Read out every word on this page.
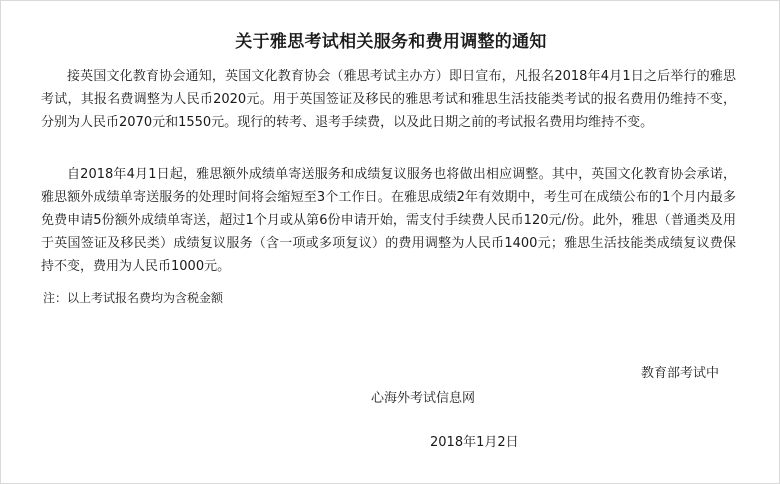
关于雅思考试相关服务和费用调整的通知
接英国文化教育协会通知，英国文化教育协会（雅思考试主办方）即日宣布，凡报名2018年4月1日之后举行的雅思考试，其报名费调整为人民币2020元。用于英国签证及移民的雅思考试和雅思生活技能类考试的报名费用仍维持不变，分别为人民币2070元和1550元。现行的转考、退考手续费，以及此日期之前的考试报名费用均维持不变。
自2018年4月1日起，雅思额外成绩单寄送服务和成绩复议服务也将做出相应调整。其中，英国文化教育协会承诺，雅思额外成绩单寄送服务的处理时间将会缩短至3个工作日。在雅思成绩2年有效期中，考生可在成绩公布的1个月内最多免费申请5份额外成绩单寄送，超过1个月或从第6份申请开始，需支付手续费人民币120元/份。此外，雅思（普通类及用于英国签证及移民类）成绩复议服务（含一项或多项复议）的费用调整为人民币1400元；雅思生活技能类成绩复议费保持不变，费用为人民币1000元。
注：以上考试报名费均为含税金额
教育部考试中
心海外考试信息网
2018年1月2日
